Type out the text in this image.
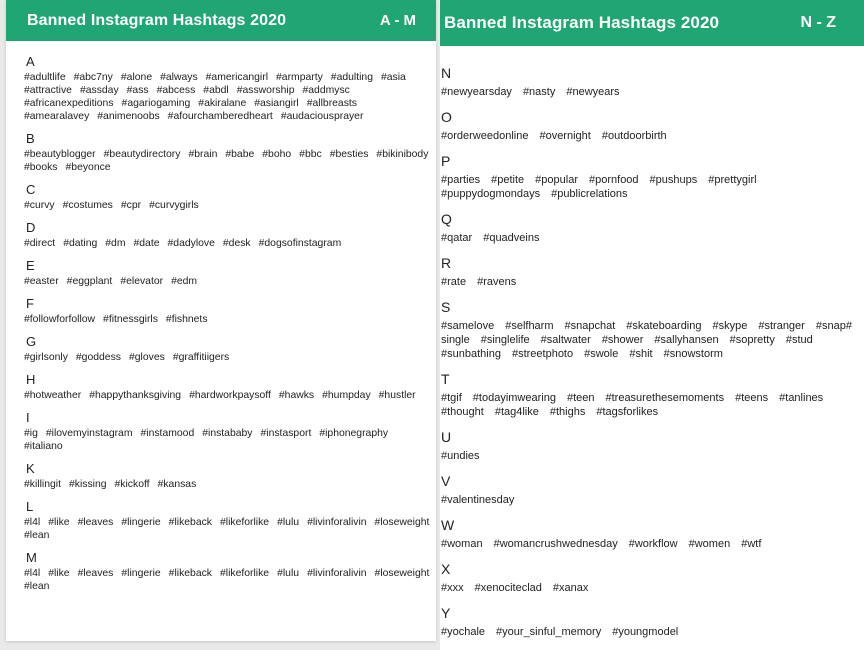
Banned Instagram Hashtags 2020	A - M
A
#adultlife #abc7ny #alone #always #americangirl #armparty #adulting #asia
#attractive #assday #ass #abcess #abdl #assworship #addmysc
#africanexpeditions #agariogaming #akiralane #asiangirl #allbreasts
#amearalavey #animenoobs #afourchamberedheart #audaciousprayer
B
#beautyblogger #beautydirectory #brain #babe #boho #bbc #besties #bikinibody
#books #beyonce
C
#curvy #costumes #cpr #curvygirls
D
#direct #dating #dm #date #dadylove #desk #dogsofinstagram
E
#easter #eggplant #elevator #edm
F
#followforfollow #fitnessgirls #fishnets
G
#girlsonly #goddess #gloves #graffitiigers
H
#hotweather #happythanksgiving #hardworkpaysoff #hawks #humpday #hustler
I
#ig #ilovemyinstagram #instamood #instababy #instasport #iphonegraphy
#italiano
K
#killingit #kissing #kickoff #kansas
L
#l4l #like #leaves #lingerie #likeback #likeforlike #lulu #livinforalivin #loseweight
#lean
M
#l4l #like #leaves #lingerie #likeback #likeforlike #lulu #livinforalivin #loseweight
#lean
Banned Instagram Hashtags 2020	N - Z
N
#newyearsday #nasty #newyears
O
#orderweedonline #overnight #outdoorbirth
P
#parties #petite #popular #pornfood #pushups #prettygirl
#puppydogmondays #publicrelations
Q
#qatar #quadveins
R
#rate #ravens
S
#samelove #selfharm #snapchat #skateboarding #skype #stranger #snap#
single #singlelife #saltwater #shower #sallyhansen #sopretty #stud
#sunbathing #streetphoto #swole #shit #snowstorm
T
#tgif #todayimwearing #teen #treasurethesemoments #teens #tanlines
#thought #tag4like #thighs #tagsforlikes
U
#undies
V
#valentinesday
W
#woman #womancrushwednesday #workflow #women #wtf
X
#xxx #xenociteclad #xanax
Y
#yochale #your_sinful_memory #youngmodel
